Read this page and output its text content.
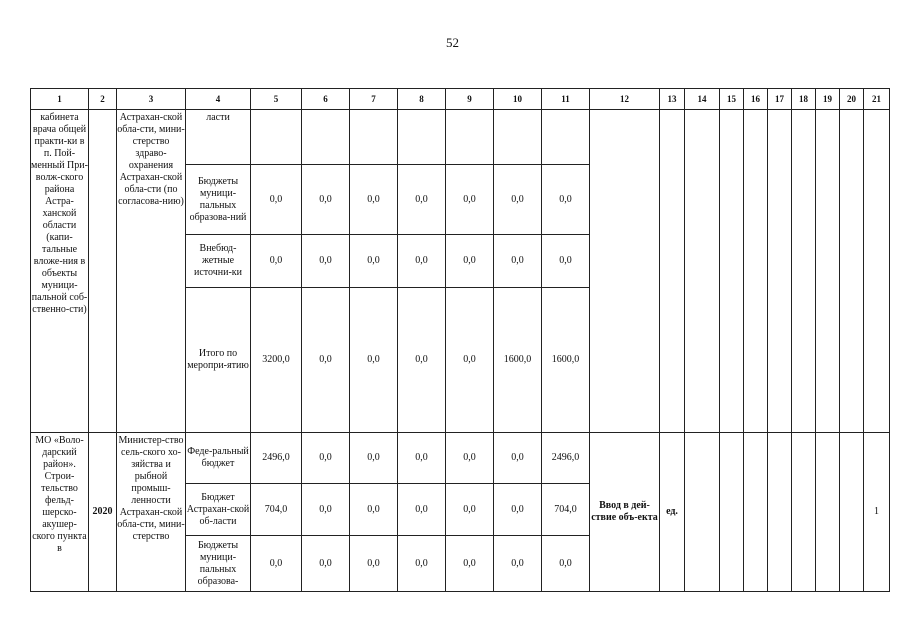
52
1	2	3	4	5	6	7	8	9	10	11	12	13	14	15	16	17	18	19	20	21
кабинета врача общей практи-ки в п. Пой-менный При-волж-ского района Астра-ханской области (капи-тальные вложе-ния в объекты муници-пальной соб-ственно-сти)		Астрахан-ской обла-сти, мини-стерство здраво-охранения Астрахан-ской обла-сти (по согласова-нию)	ласти																	
			Бюджеты муници-пальных образова-ний	0,0	0,0	0,0	0,0	0,0	0,0	0,0										
			Внебюд-жетные источни-ки	0,0	0,0	0,0	0,0	0,0	0,0	0,0										
			Итого по меропри-ятию	3200,0	0,0	0,0	0,0	0,0	1600,0	1600,0										
МО «Воло-дарский район». Строи-тельство фельд-шерско-акушер-ского пункта в	2020	Министер-ство сель-ского хо-зяйства и рыбной промыш-ленности Астрахан-ской обла-сти, мини-стерство	Феде-ральный бюджет	2496,0	0,0	0,0	0,0	0,0	0,0	2496,0	Ввод в дей-ствие объ-екта	ед.								1
			Бюджет Астрахан-ской об-ласти	704,0	0,0	0,0	0,0	0,0	0,0	704,0										
			Бюджеты муници-пальных образова-	0,0	0,0	0,0	0,0	0,0	0,0	0,0										
